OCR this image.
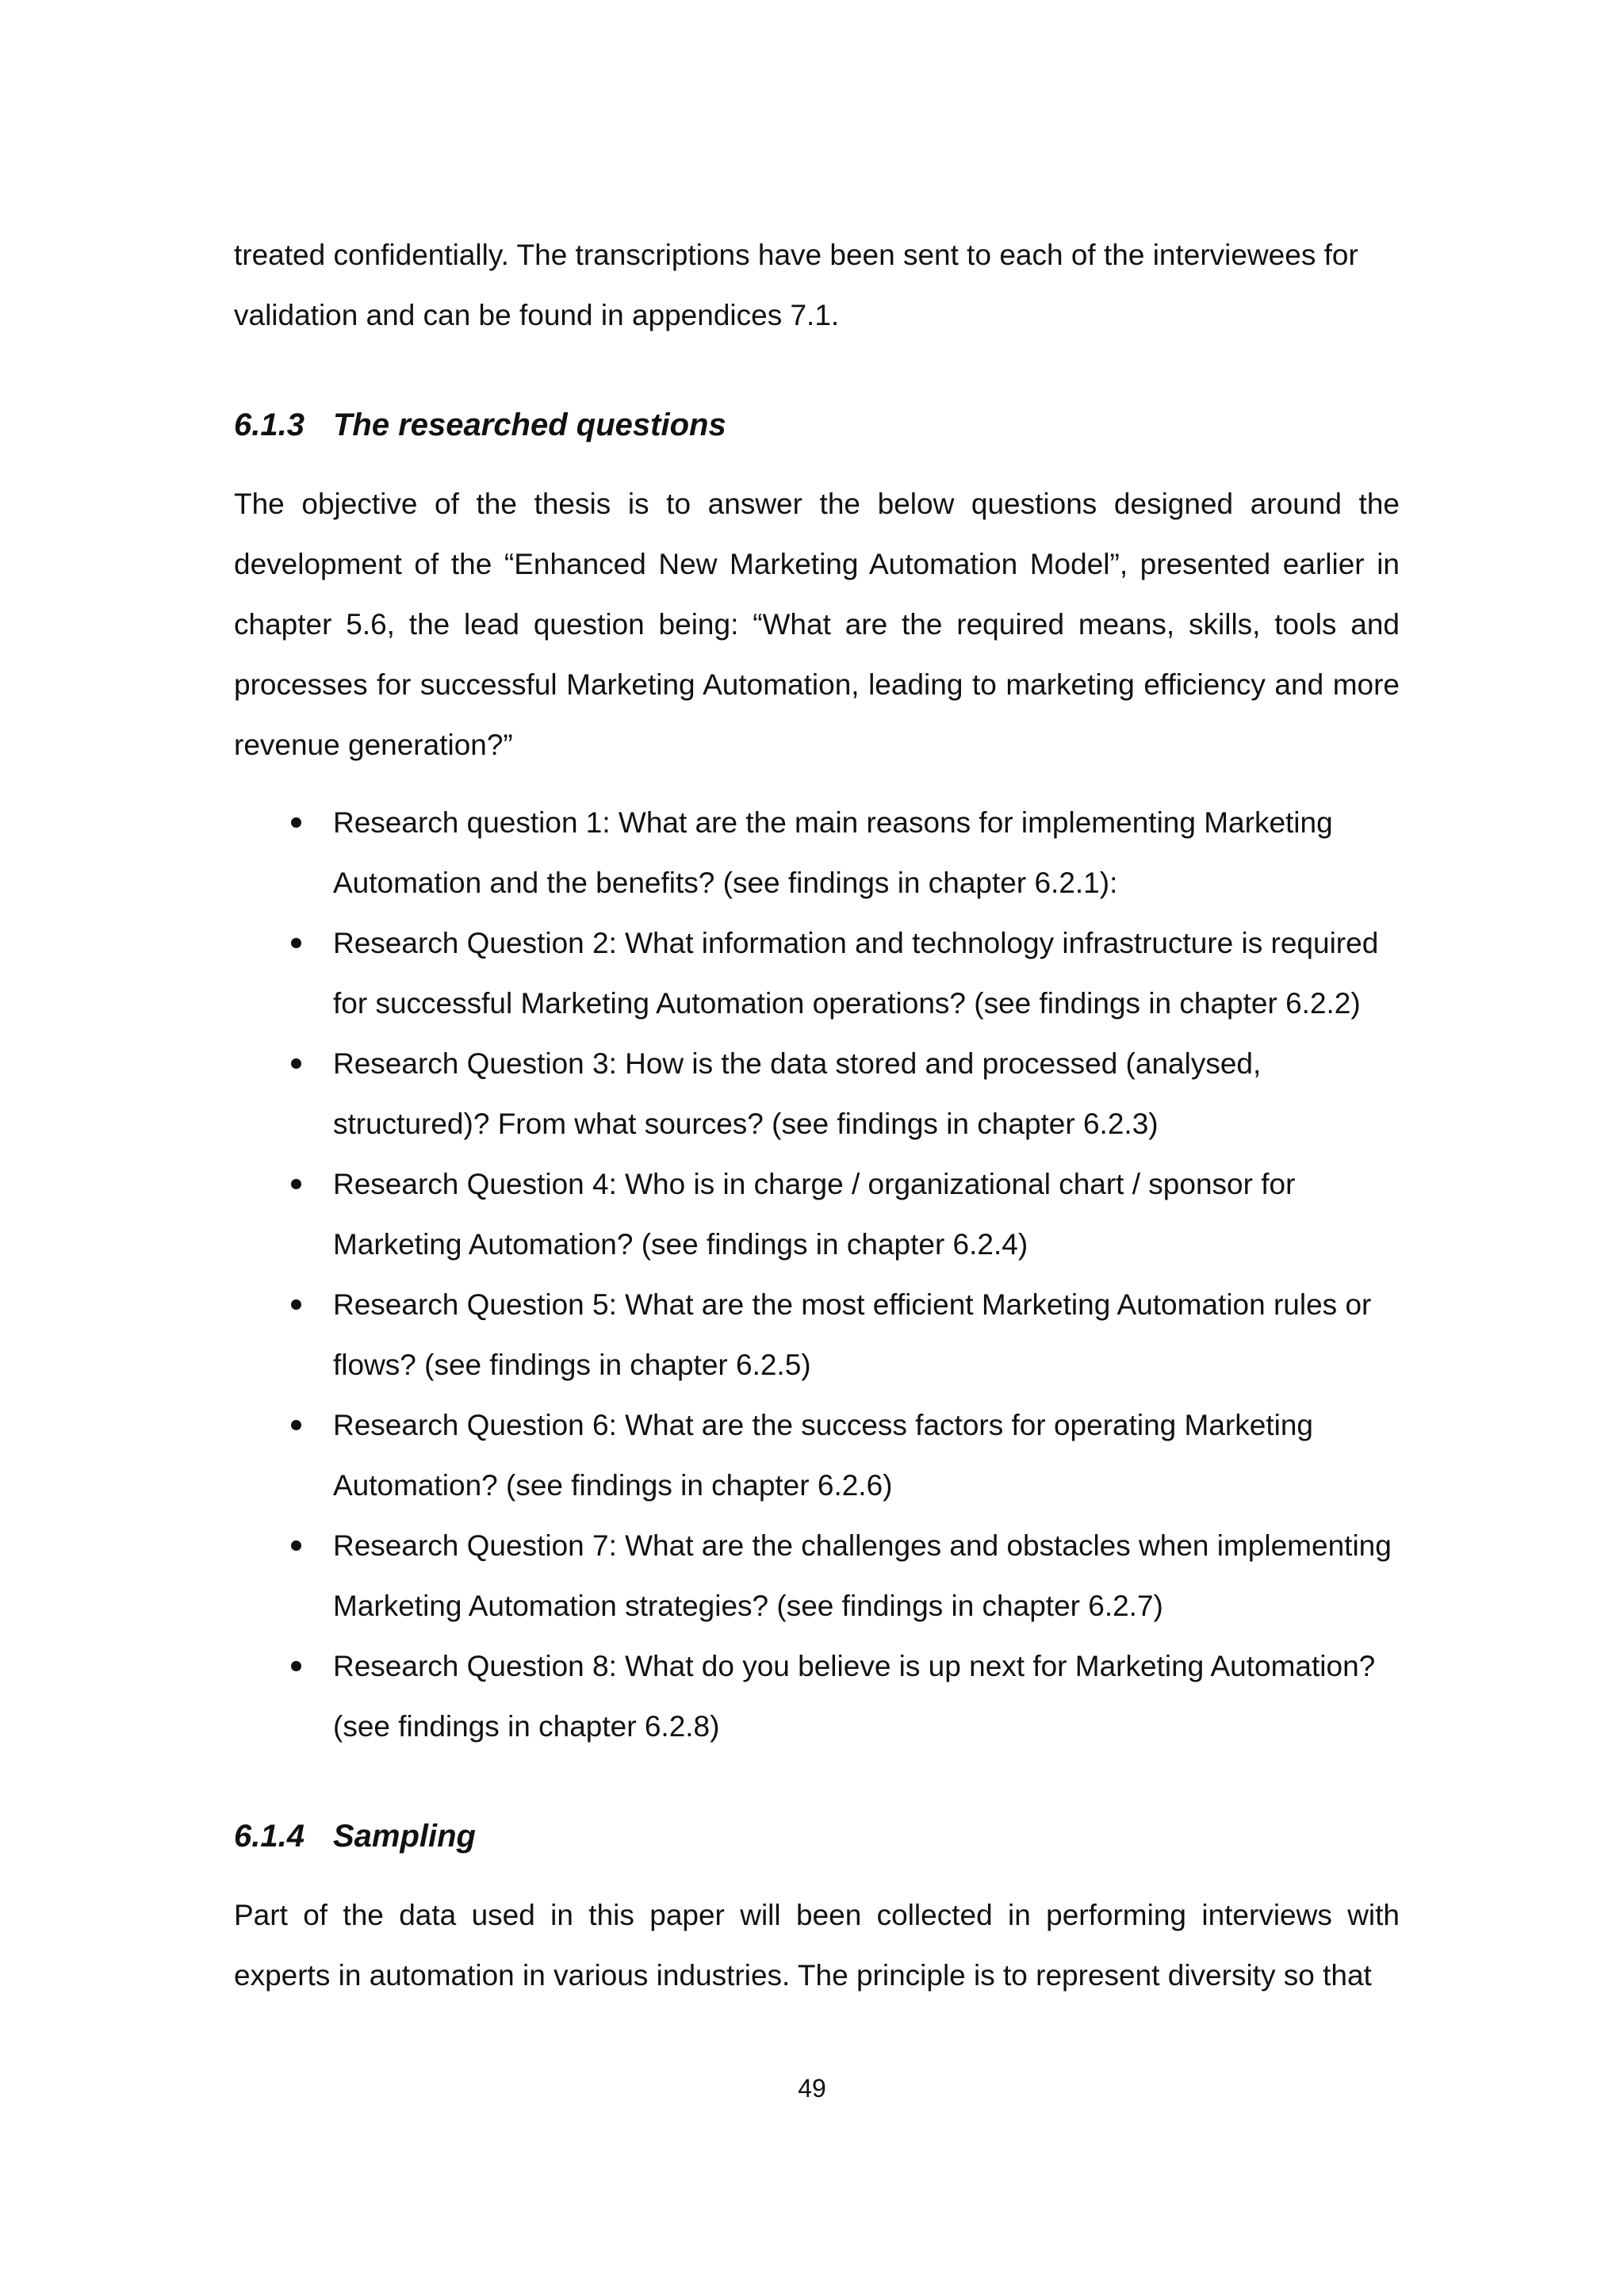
treated confidentially. The transcriptions have been sent to each of the interviewees for validation and can be found in appendices 7.1.

6.1.3 The researched questions

The objective of the thesis is to answer the below questions designed around the development of the “Enhanced New Marketing Automation Model”, presented earlier in chapter 5.6, the lead question being: “What are the required means, skills, tools and processes for successful Marketing Automation, leading to marketing efficiency and more revenue generation?”

Research question 1: What are the main reasons for implementing Marketing Automation and the benefits? (see findings in chapter 6.2.1):
Research Question 2: What information and technology infrastructure is required for successful Marketing Automation operations? (see findings in chapter 6.2.2)
Research Question 3: How is the data stored and processed (analysed, structured)? From what sources? (see findings in chapter 6.2.3)
Research Question 4: Who is in charge / organizational chart / sponsor for Marketing Automation? (see findings in chapter 6.2.4)
Research Question 5: What are the most efficient Marketing Automation rules or flows? (see findings in chapter 6.2.5)
Research Question 6: What are the success factors for operating Marketing Automation? (see findings in chapter 6.2.6)
Research Question 7: What are the challenges and obstacles when implementing Marketing Automation strategies? (see findings in chapter 6.2.7)
Research Question 8: What do you believe is up next for Marketing Automation? (see findings in chapter 6.2.8)
6.1.4 Sampling

Part of the data used in this paper will been collected in performing interviews with experts in automation in various industries. The principle is to represent diversity so that

49
